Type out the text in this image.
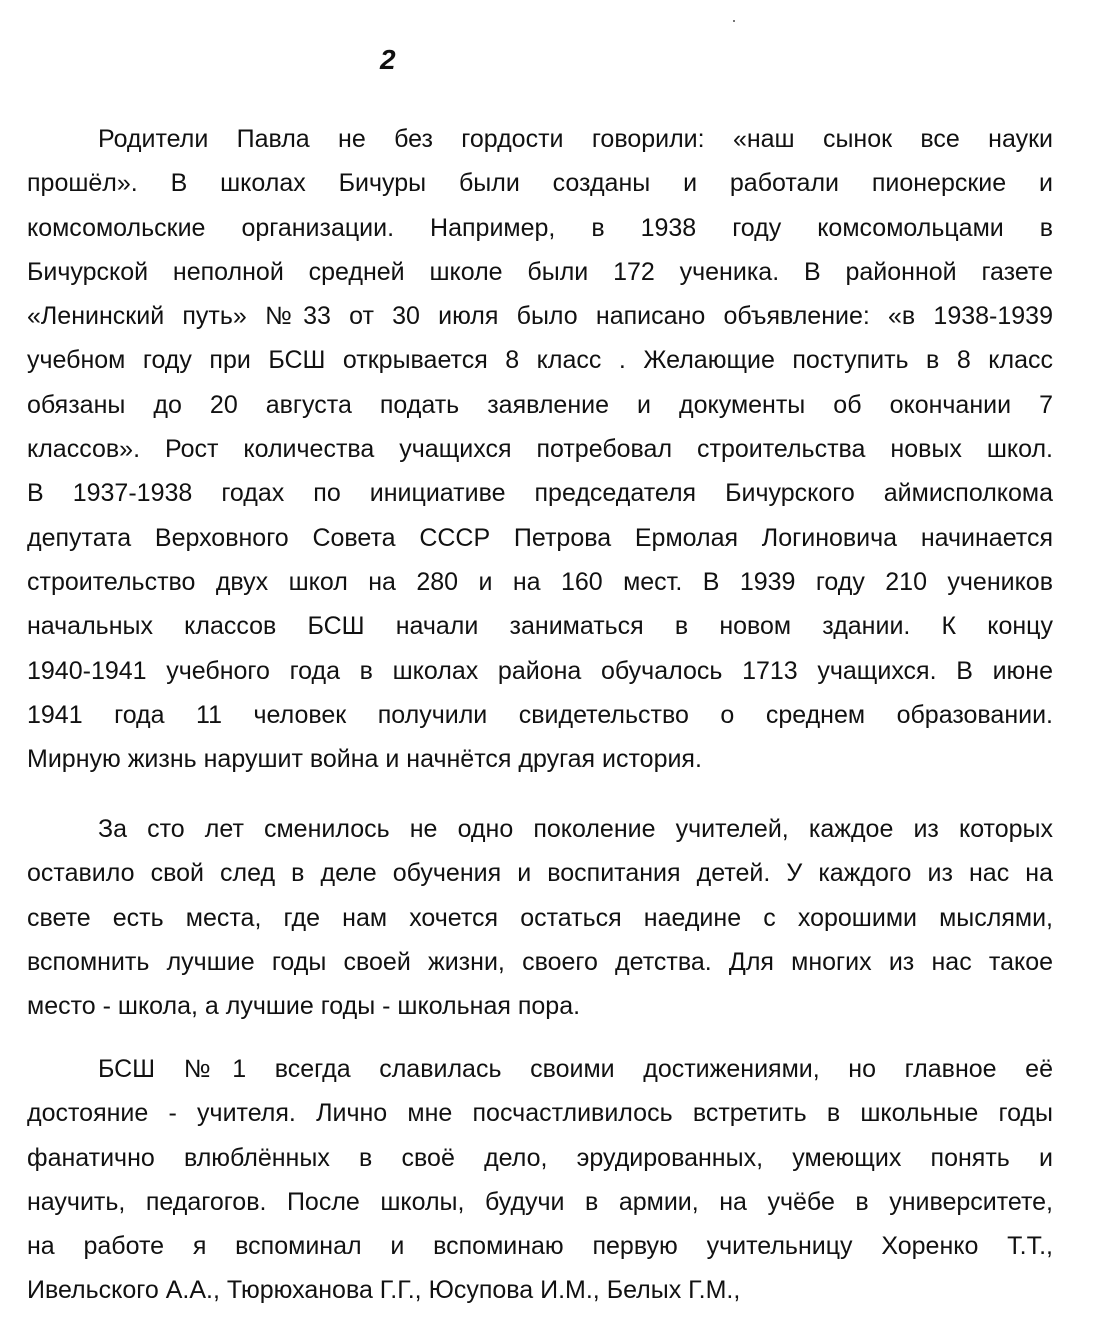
2
Родители Павла не без гордости говорили: «наш сынок все науки
прошёл». В школах Бичуры были созданы и работали пионерские и
комсомольские организации. Например, в 1938 году комсомольцами в
Бичурской неполной средней школе были 172 ученика. В районной газете
«Ленинский путь» №33 от 30 июля было написано объявление: «в 1938-1939
учебном году при БСШ открывается 8 класс . Желающие поступить в 8 класс
обязаны до 20 августа подать заявление и документы об окончании 7
классов». Рост количества учащихся потребовал строительства новых школ.
В 1937-1938 годах по инициативе председателя Бичурского аймисполкома
депутата Верховного Совета СССР Петрова Ермолая Логиновича начинается
строительство двух школ на 280 и на 160 мест. В 1939 году 210 учеников
начальных классов БСШ начали заниматься в новом здании. К концу
1940-1941 учебного года в школах района обучалось 1713 учащихся. В июне
1941 года 11 человек получили свидетельство о среднем образовании.
Мирную жизнь нарушит война и начнётся другая история.
За сто лет сменилось не одно поколение учителей, каждое из которых
оставило свой след в деле обучения и воспитания детей. У каждого из нас на
свете есть места, где нам хочется остаться наедине с хорошими мыслями,
вспомнить лучшие годы своей жизни, своего детства. Для многих из нас такое
место - школа, а лучшие годы - школьная пора.
БСШ №1 всегда славилась своими достижениями, но главное её
достояние - учителя. Лично мне посчастливилось встретить в школьные годы
фанатично влюблённых в своё дело, эрудированных, умеющих понять и
научить, педагогов. После школы, будучи в армии, на учёбе в университете,
на работе я вспоминал и вспоминаю первую учительницу Хоренко Т.Т.,
Ивельского А.А., Тюрюханова Г.Г., Юсупова И.М., Белых Г.М.,
